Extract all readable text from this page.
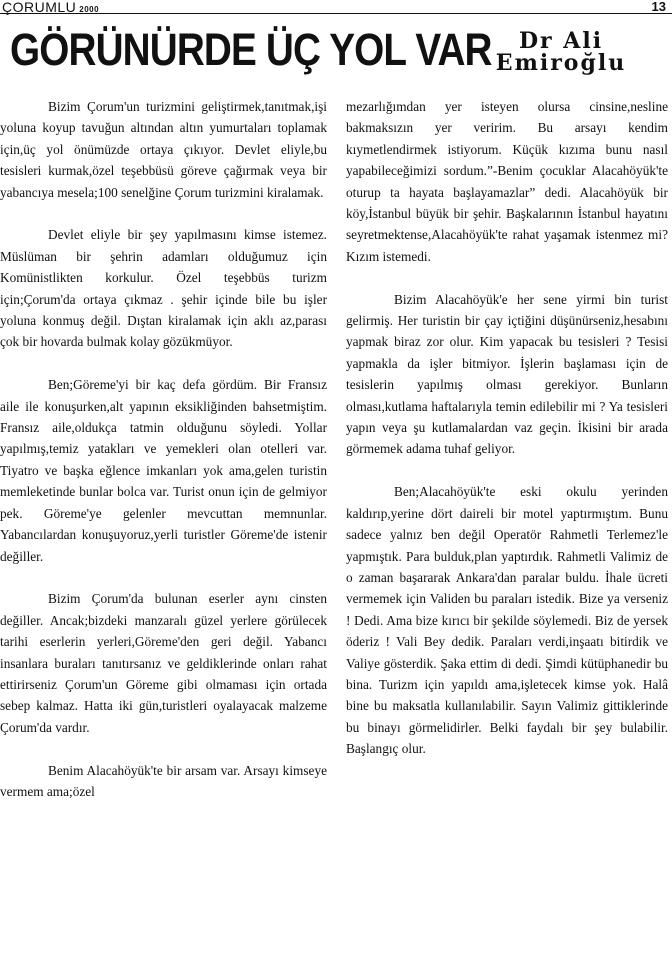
ÇORUMLU 2000	13
GÖRÜNÜRDE ÜÇ YOL VAR	Dr Ali
Emiroğlu

Bizim Çorum'un turizmini geliştirmek,tanıtmak,işi yoluna koyup tavuğun altından altın yumurtaları toplamak için,üç yol önümüzde ortaya çıkıyor. Devlet eliyle,bu tesisleri kurmak,özel teşebbüsü göreve çağırmak veya bir yabancıya mesela;100 senelğine Çorum turizmini kiralamak.

Devlet eliyle bir şey yapılmasını kimse istemez. Müslüman bir şehrin adamları olduğumuz için Komünistlikten korkulur. Özel teşebbüs turizm için;Çorum'da ortaya çıkmaz . şehir içinde bile bu işler yoluna konmuş değil. Dıştan kiralamak için aklı az,parası çok bir hovarda bulmak kolay gözükmüyor.

Ben;Göreme'yi bir kaç defa gördüm. Bir Fransız aile ile konuşurken,alt yapının eksikliğinden bahsetmiştim. Fransız aile,oldukça tatmin olduğunu söyledi. Yollar yapılmış,temiz yatakları ve yemekleri olan otelleri var. Tiyatro ve başka eğlence imkanları yok ama,gelen turistin memleketinde bunlar bolca var. Turist onun için de gelmiyor pek. Göreme'ye gelenler mevcuttan memnunlar. Yabancılardan konuşuyoruz,yerli turistler Göreme'de istenir değiller.

Bizim Çorum'da bulunan eserler aynı cinsten değiller. Ancak;bizdeki manzaralı güzel yerlere görülecek tarihi eserlerin yerleri,Göreme'den geri değil. Yabancı insanlara buraları tanıtırsanız ve geldiklerinde onları rahat ettirirseniz Çorum'un Göreme gibi olmaması için ortada sebep kalmaz. Hatta iki gün,turistleri oyalayacak malzeme Çorum'da vardır.

Benim Alacahöyük'te bir arsam var. Arsayı kimseye vermem ama;özel

mezarlığımdan yer isteyen olursa cinsine,nesline bakmaksızın yer veririm. Bu arsayı kendim kıymetlendirmek istiyorum. Küçük kızıma bunu nasıl yapabileceğimizi sordum.”-Benim çocuklar Alacahöyük'te oturup ta hayata başlayamazlar” dedi. Alacahöyük bir köy,İstanbul büyük bir şehir. Başkalarının İstanbul hayatını seyretmektense,Alacahöyük'te rahat yaşamak istenmez mi? Kızım istemedi.

Bizim Alacahöyük'e her sene yirmi bin turist gelirmiş. Her turistin bir çay içtiğini düşünürseniz,hesabını yapmak biraz zor olur. Kim yapacak bu tesisleri ? Tesisi yapmakla da işler bitmiyor. İşlerin başlaması için de tesislerin yapılmış olması gerekiyor. Bunların olması,kutlama haftalarıyla temin edilebilir mi ? Ya tesisleri yapın veya şu kutlamalardan vaz geçin. İkisini bir arada görmemek adama tuhaf geliyor.

Ben;Alacahöyük'te eski okulu yerinden kaldırıp,yerine dört daireli bir motel yaptırmıştım. Bunu sadece yalnız ben değil Operatör Rahmetli Terlemez'le yapmıştık. Para bulduk,plan yaptırdık. Rahmetli Valimiz de o zaman başararak Ankara'dan paralar buldu. İhale ücreti vermemek için Validen bu paraları istedik. Bize ya verseniz ! Dedi. Ama bize kırıcı bir şekilde söylemedi. Biz de yersek öderiz ! Vali Bey dedik. Paraları verdi,inşaatı bitirdik ve Valiye gösterdik. Şaka ettim di dedi. Şimdi kütüphanedir bu bina. Turizm için yapıldı ama,işletecek kimse yok. Halâ bine bu maksatla kullanılabilir. Sayın Valimiz gittiklerinde bu binayı görmelidirler. Belki faydalı bir şey bulabilir. Başlangıç olur.
